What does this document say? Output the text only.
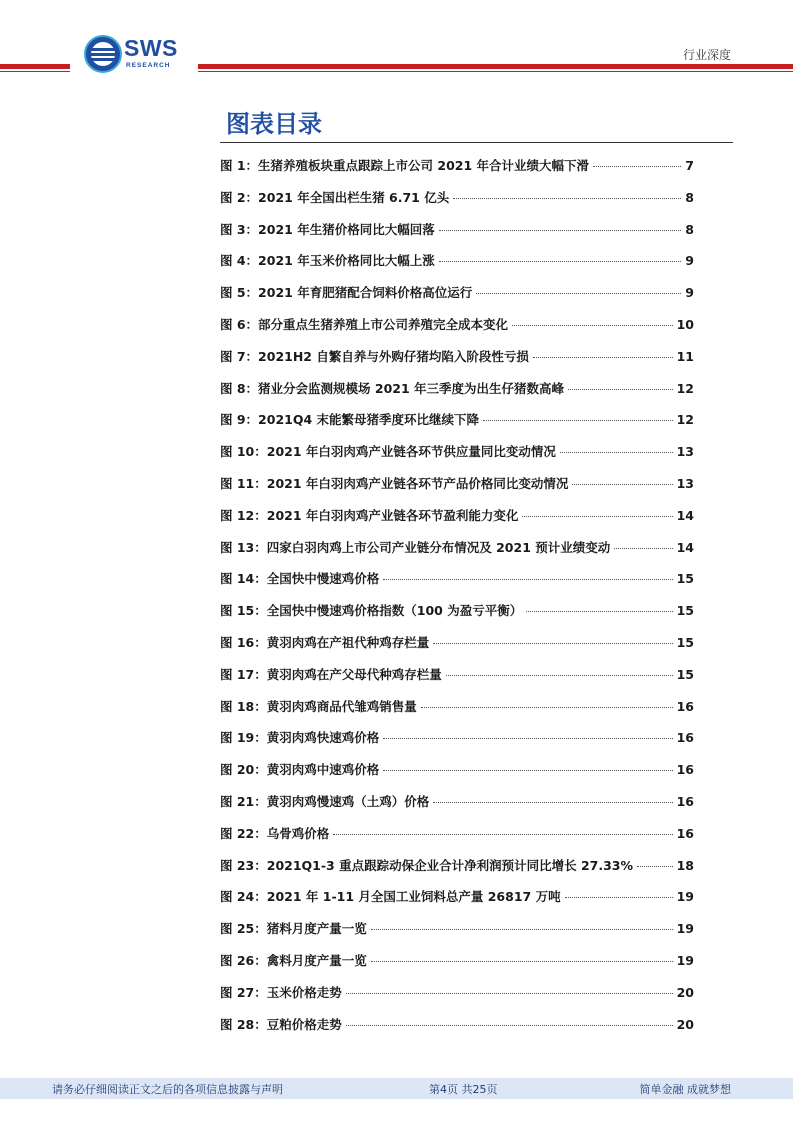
SWS
RESEARCH
行业深度
图表目录
图 1：生猪养殖板块重点跟踪上市公司 2021 年合计业绩大幅下滑	7
图 2：2021 年全国出栏生猪 6.71 亿头	8
图 3：2021 年生猪价格同比大幅回落	8
图 4：2021 年玉米价格同比大幅上涨	9
图 5：2021 年育肥猪配合饲料价格高位运行	9
图 6：部分重点生猪养殖上市公司养殖完全成本变化	10
图 7：2021H2 自繁自养与外购仔猪均陷入阶段性亏损	11
图 8：猪业分会监测规模场 2021 年三季度为出生仔猪数高峰	12
图 9：2021Q4 末能繁母猪季度环比继续下降	12
图 10：2021 年白羽肉鸡产业链各环节供应量同比变动情况	13
图 11：2021 年白羽肉鸡产业链各环节产品价格同比变动情况	13
图 12：2021 年白羽肉鸡产业链各环节盈利能力变化	14
图 13：四家白羽肉鸡上市公司产业链分布情况及 2021 预计业绩变动	14
图 14：全国快中慢速鸡价格	15
图 15：全国快中慢速鸡价格指数（100 为盈亏平衡）	15
图 16：黄羽肉鸡在产祖代种鸡存栏量	15
图 17：黄羽肉鸡在产父母代种鸡存栏量	15
图 18：黄羽肉鸡商品代雏鸡销售量	16
图 19：黄羽肉鸡快速鸡价格	16
图 20：黄羽肉鸡中速鸡价格	16
图 21：黄羽肉鸡慢速鸡（土鸡）价格	16
图 22：乌骨鸡价格	16
图 23：2021Q1-3 重点跟踪动保企业合计净利润预计同比增长 27.33%	18
图 24：2021 年 1-11 月全国工业饲料总产量 26817 万吨	19
图 25：猪料月度产量一览	19
图 26：禽料月度产量一览	19
图 27：玉米价格走势	20
图 28：豆粕价格走势	20
请务必仔细阅读正文之后的各项信息披露与声明	第4页 共25页	简单金融 成就梦想
